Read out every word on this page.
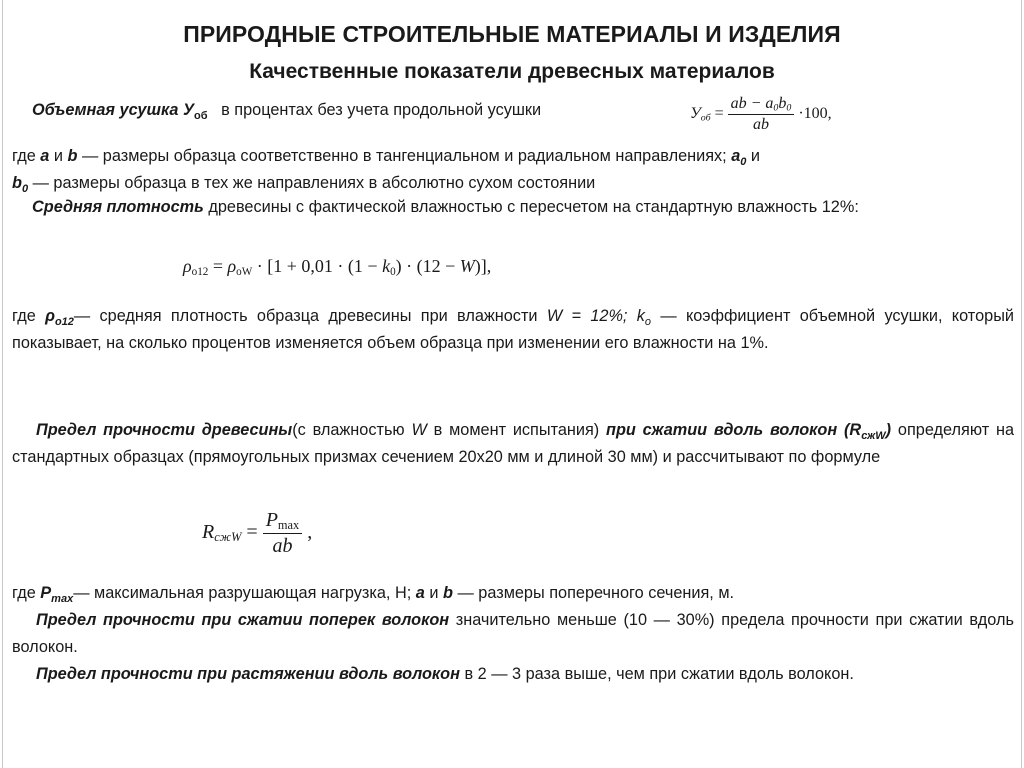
ПРИРОДНЫЕ СТРОИТЕЛЬНЫЕ МАТЕРИАЛЫ И ИЗДЕЛИЯ
Качественные показатели древесных материалов

Объемная усушка $У_{об}$ в процентах без учета продольной усушки	Уоб = $\frac{ab - a0b0}{ab} \cdot 100$,

где a и b — размеры образца соответственно в тангенциальном и радиальном направлениях; $a_0$ и
$b_0$ — размеры образца в тех же направлениях в абсолютно сухом состоянии

Средняя плотность древесины с фактической влажностью с пересчетом на стандартную влажность 12%:

ρo12 = ρoW · [1 + 0,01 · (1 − k0) · (12 − W)],

где $\rho_{o12}—$ средняя плотность образца древесины при влажности W = 12%; $k_o$ — коэффициент объемной усушки, который показывает, на сколько процентов изменяется объем образца при изменении его влажности на 1%.

Предел прочности древесины(с влажностью W в момент испытания) при сжатии вдоль волокон $(R_{сжW})$ определяют на стандартных образцах (прямоугольных призмах сечением 20х20 мм и длиной 30 мм) и рассчитывают по формуле

RсжW = $\frac{Pmax}{ab}$ ,

где $P_{max}—$ максимальная разрушающая нагрузка, Н; a и b — размеры поперечного сечения, м.

Предел прочности при сжатии поперек волокон значительно меньше (10 — 30%) предела прочности при сжатии вдоль волокон.

Предел прочности при растяжении вдоль волокон в 2 — 3 раза выше, чем при сжатии вдоль волокон.
